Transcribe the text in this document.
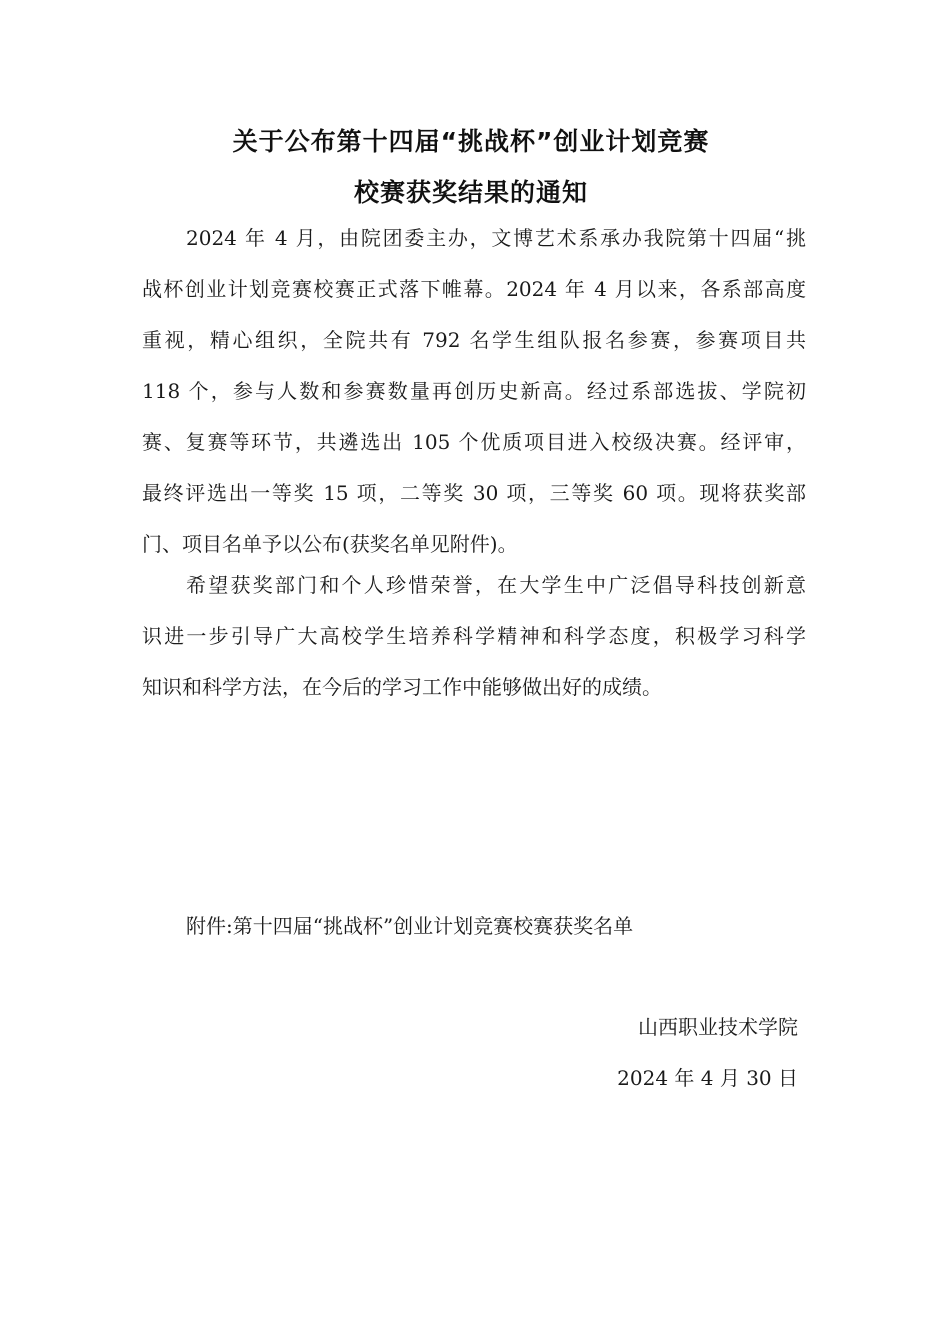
关于公布第十四届“挑战杯”创业计划竞赛
校赛获奖结果的通知
2024 年 4 月，由院团委主办，文博艺术系承办我院第十四届“挑
战杯创业计划竞赛校赛正式落下帷幕。2024 年 4 月以来，各系部高度
重视，精心组织，全院共有 792 名学生组队报名参赛，参赛项目共
118 个，参与人数和参赛数量再创历史新高。经过系部选拔、学院初
赛、复赛等环节，共遴选出 105 个优质项目进入校级决赛。经评审，
最终评选出一等奖 15 项，二等奖 30 项，三等奖 60 项。现将获奖部
门、项目名单予以公布(获奖名单见附件)。
希望获奖部门和个人珍惜荣誉，在大学生中广泛倡导科技创新意
识进一步引导广大高校学生培养科学精神和科学态度，积极学习科学
知识和科学方法，在今后的学习工作中能够做出好的成绩。
附件:第十四届“挑战杯”创业计划竞赛校赛获奖名单
山西职业技术学院
2024 年 4 月 30 日
